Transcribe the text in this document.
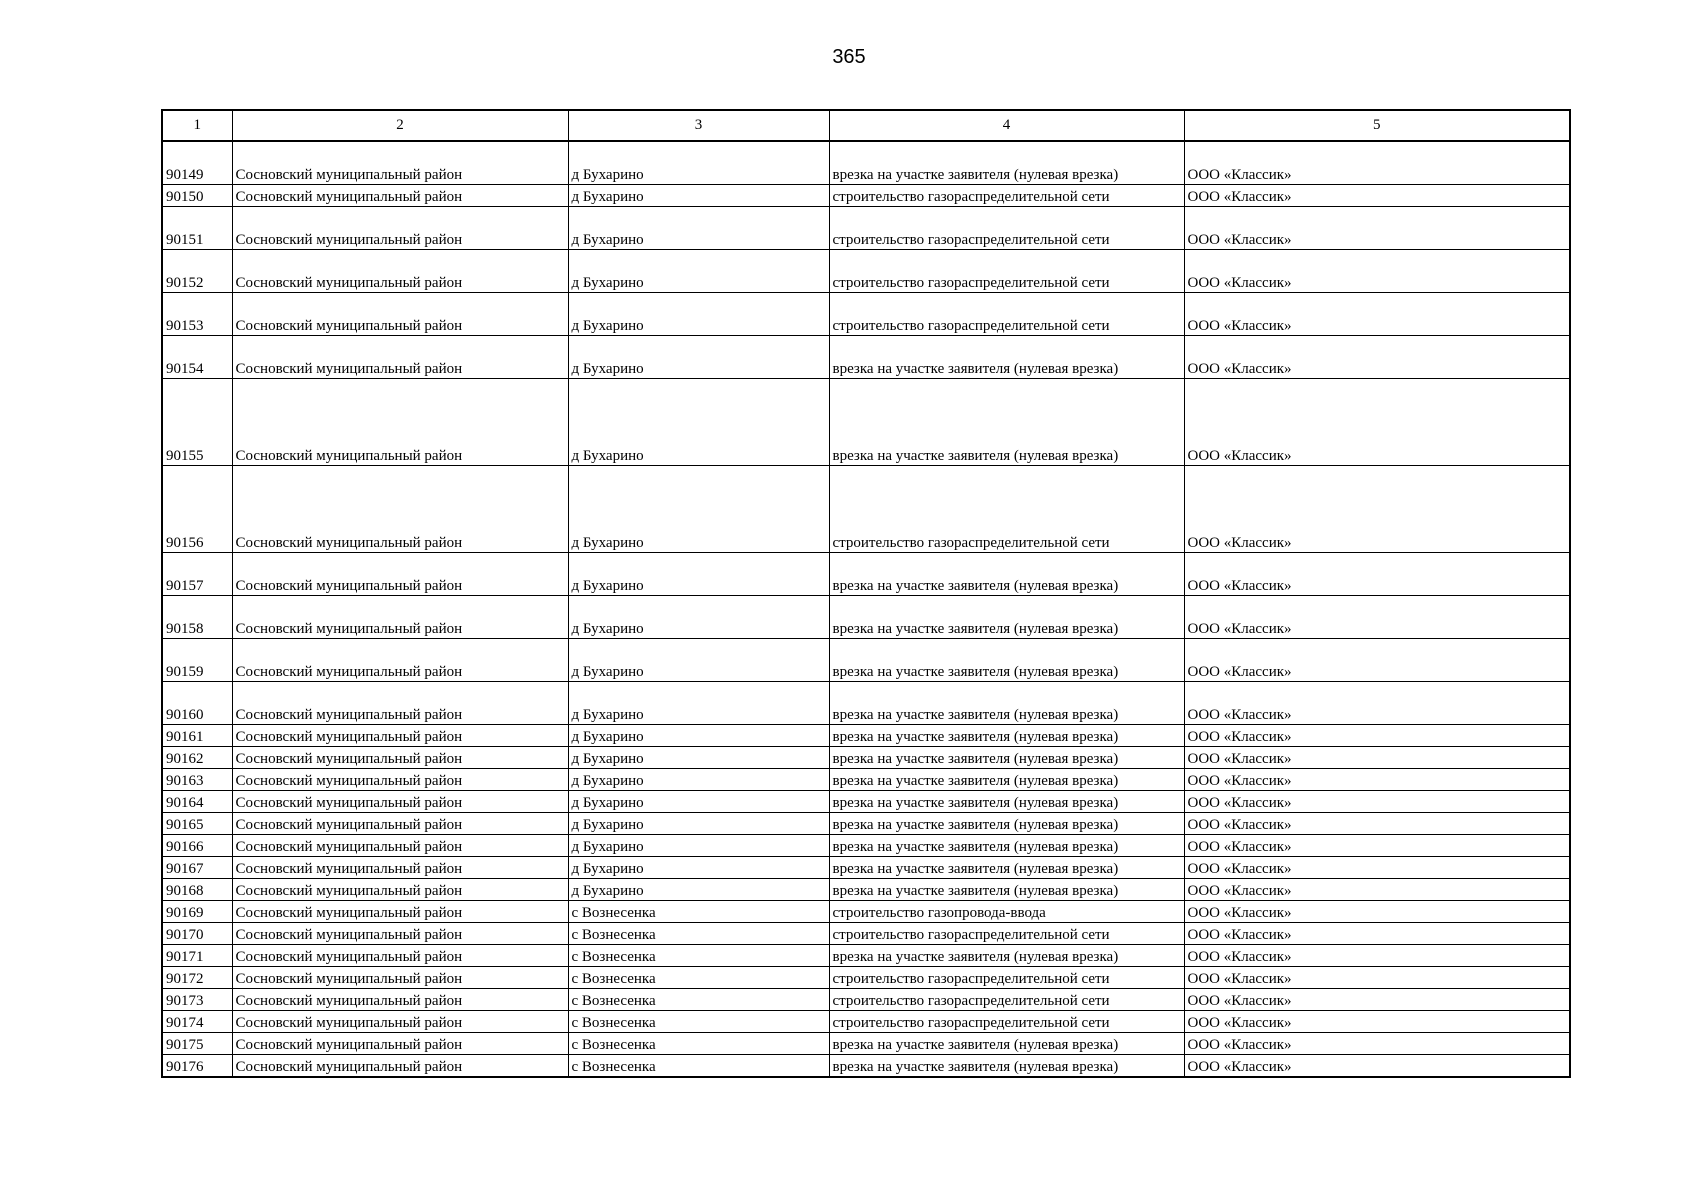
365
1	2	3	4	5
90149	Сосновский муниципальный район	д Бухарино	врезка на участке заявителя (нулевая врезка)	ООО «Классик»
90150	Сосновский муниципальный район	д Бухарино	строительство газораспределительной сети	ООО «Классик»
90151	Сосновский муниципальный район	д Бухарино	строительство газораспределительной сети	ООО «Классик»
90152	Сосновский муниципальный район	д Бухарино	строительство газораспределительной сети	ООО «Классик»
90153	Сосновский муниципальный район	д Бухарино	строительство газораспределительной сети	ООО «Классик»
90154	Сосновский муниципальный район	д Бухарино	врезка на участке заявителя (нулевая врезка)	ООО «Классик»
90155	Сосновский муниципальный район	д Бухарино	врезка на участке заявителя (нулевая врезка)	ООО «Классик»
90156	Сосновский муниципальный район	д Бухарино	строительство газораспределительной сети	ООО «Классик»
90157	Сосновский муниципальный район	д Бухарино	врезка на участке заявителя (нулевая врезка)	ООО «Классик»
90158	Сосновский муниципальный район	д Бухарино	врезка на участке заявителя (нулевая врезка)	ООО «Классик»
90159	Сосновский муниципальный район	д Бухарино	врезка на участке заявителя (нулевая врезка)	ООО «Классик»
90160	Сосновский муниципальный район	д Бухарино	врезка на участке заявителя (нулевая врезка)	ООО «Классик»
90161	Сосновский муниципальный район	д Бухарино	врезка на участке заявителя (нулевая врезка)	ООО «Классик»
90162	Сосновский муниципальный район	д Бухарино	врезка на участке заявителя (нулевая врезка)	ООО «Классик»
90163	Сосновский муниципальный район	д Бухарино	врезка на участке заявителя (нулевая врезка)	ООО «Классик»
90164	Сосновский муниципальный район	д Бухарино	врезка на участке заявителя (нулевая врезка)	ООО «Классик»
90165	Сосновский муниципальный район	д Бухарино	врезка на участке заявителя (нулевая врезка)	ООО «Классик»
90166	Сосновский муниципальный район	д Бухарино	врезка на участке заявителя (нулевая врезка)	ООО «Классик»
90167	Сосновский муниципальный район	д Бухарино	врезка на участке заявителя (нулевая врезка)	ООО «Классик»
90168	Сосновский муниципальный район	д Бухарино	врезка на участке заявителя (нулевая врезка)	ООО «Классик»
90169	Сосновский муниципальный район	с Вознесенка	строительство газопровода-ввода	ООО «Классик»
90170	Сосновский муниципальный район	с Вознесенка	строительство газораспределительной сети	ООО «Классик»
90171	Сосновский муниципальный район	с Вознесенка	врезка на участке заявителя (нулевая врезка)	ООО «Классик»
90172	Сосновский муниципальный район	с Вознесенка	строительство газораспределительной сети	ООО «Классик»
90173	Сосновский муниципальный район	с Вознесенка	строительство газораспределительной сети	ООО «Классик»
90174	Сосновский муниципальный район	с Вознесенка	строительство газораспределительной сети	ООО «Классик»
90175	Сосновский муниципальный район	с Вознесенка	врезка на участке заявителя (нулевая врезка)	ООО «Классик»
90176	Сосновский муниципальный район	с Вознесенка	врезка на участке заявителя (нулевая врезка)	ООО «Классик»
